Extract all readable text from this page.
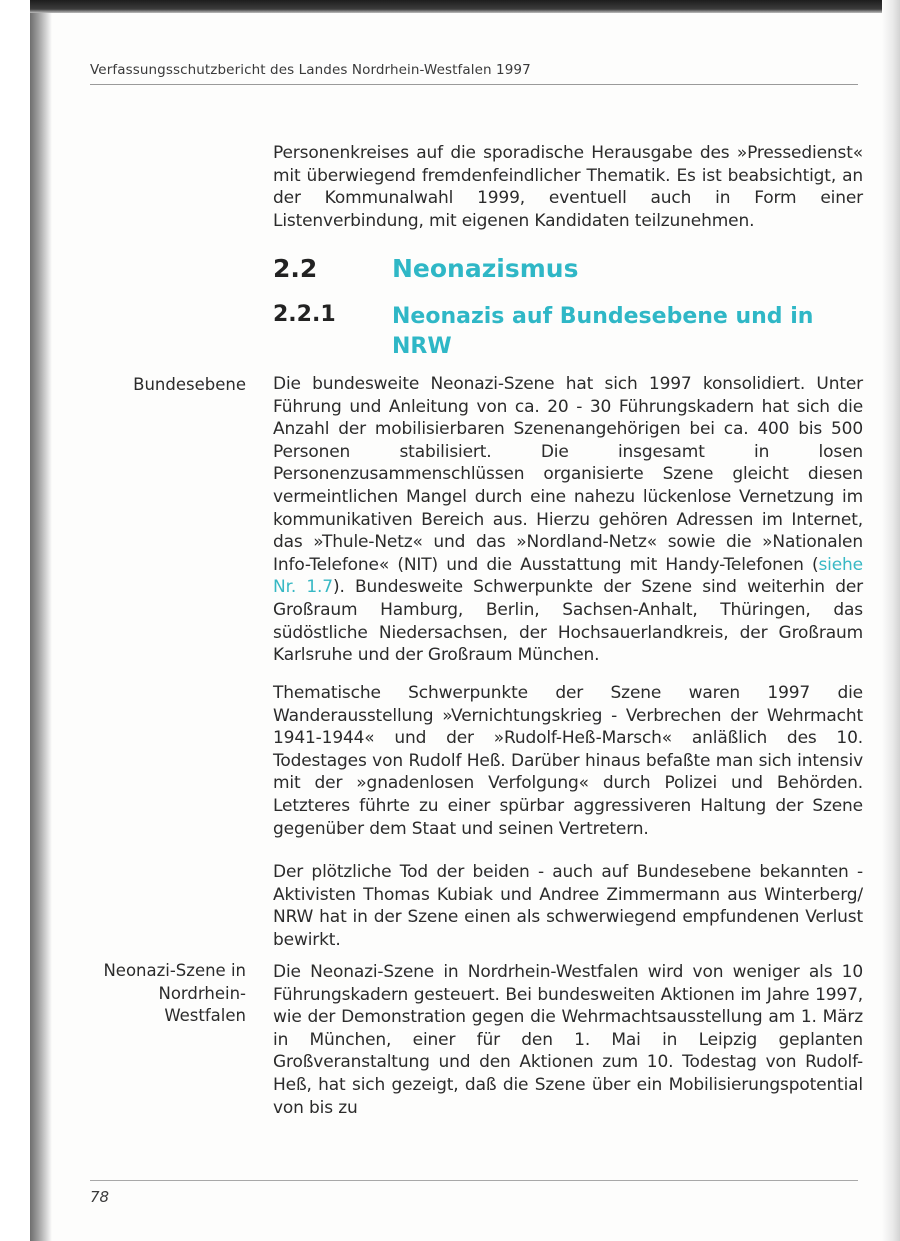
Verfassungsschutzbericht des Landes Nordrhein-Westfalen 1997

Personenkreises auf die sporadische Herausgabe des »Pressedienst« mit überwiegend fremdenfeindlicher Thematik. Es ist beabsichtigt, an der Kommunalwahl 1999, eventuell auch in Form einer Listenverbindung, mit eigenen Kandidaten teilzunehmen.

2.2	Neonazismus
2.2.1	Neonazis auf Bundesebene und in NRW
Bundesebene Die bundesweite Neonazi-Szene hat sich 1997 konsolidiert. Unter Führung und Anleitung von ca. 20 - 30 Führungskadern hat sich die Anzahl der mobilisierbaren Szenenangehörigen bei ca. 400 bis 500 Personen stabilisiert. Die insgesamt in losen Personenzusammenschlüssen organisierte Szene gleicht diesen vermeintlichen Mangel durch eine nahezu lückenlose Vernetzung im kommunikativen Bereich aus. Hierzu gehören Adressen im Internet, das »Thule-Netz« und das »Nordland-Netz« sowie die »Nationalen Info-Telefone« (NIT) und die Ausstattung mit Handy-Telefonen (siehe Nr. 1.7). Bundesweite Schwerpunkte der Szene sind weiterhin der Großraum Hamburg, Berlin, Sachsen-Anhalt, Thüringen, das südöstliche Niedersachsen, der Hochsauerlandkreis, der Großraum Karlsruhe und der Großraum München.

Thematische Schwerpunkte der Szene waren 1997 die Wanderausstellung »Vernichtungskrieg - Verbrechen der Wehrmacht 1941-1944« und der »Rudolf-Heß-Marsch« anläßlich des 10. Todestages von Rudolf Heß. Darüber hinaus befaßte man sich intensiv mit der »gnadenlosen Verfolgung« durch Polizei und Behörden. Letzteres führte zu einer spürbar aggressiveren Haltung der Szene gegenüber dem Staat und seinen Vertretern.

Der plötzliche Tod der beiden - auch auf Bundesebene bekannten - Aktivisten Thomas Kubiak und Andree Zimmermann aus Winterberg/ NRW hat in der Szene einen als schwerwiegend empfundenen Verlust bewirkt.

Neonazi-Szene in Nordrhein-Westfalen

Die Neonazi-Szene in Nordrhein-Westfalen wird von weniger als 10 Führungskadern gesteuert. Bei bundesweiten Aktionen im Jahre 1997, wie der Demonstration gegen die Wehrmachtsausstellung am 1. März in München, einer für den 1. Mai in Leipzig geplanten Großveranstaltung und den Aktionen zum 10. Todestag von Rudolf-Heß, hat sich gezeigt, daß die Szene über ein Mobilisierungspotential von bis zu

78
